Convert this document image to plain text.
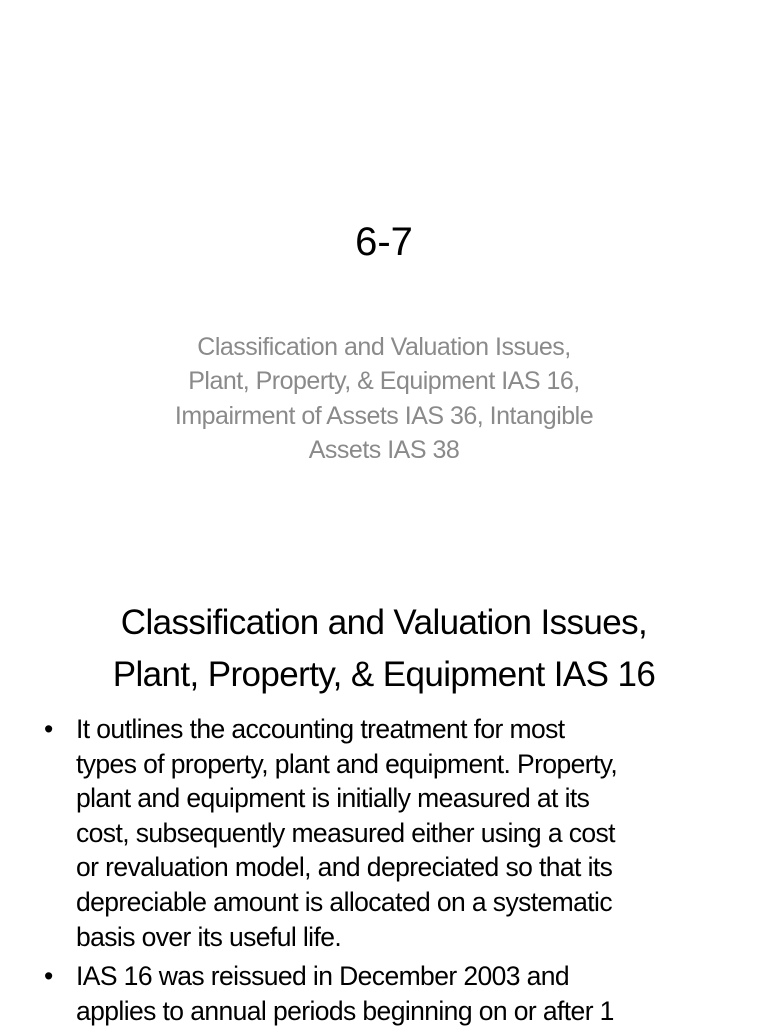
6-7
Classification and Valuation Issues,
Plant, Property, & Equipment IAS 16,
Impairment of Assets IAS 36, Intangible
Assets IAS 38
Classification and Valuation Issues,
Plant, Property, & Equipment IAS 16
• It outlines the accounting treatment for most
types of property, plant and equipment. Property,
plant and equipment is initially measured at its
cost, subsequently measured either using a cost
or revaluation model, and depreciated so that its
depreciable amount is allocated on a systematic
basis over its useful life.
• IAS 16 was reissued in December 2003 and
applies to annual periods beginning on or after 1
